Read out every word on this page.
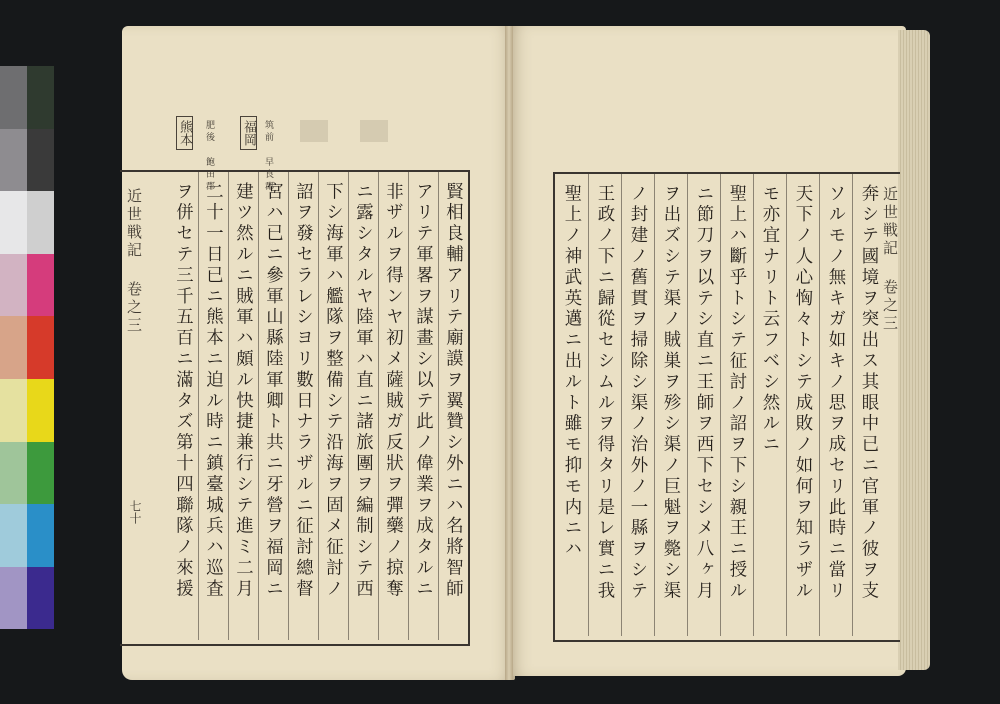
熊本	福岡
肥後 飽田郡	筑前 早良郡
近世戦記 卷之三
七十	賢相良輔アリテ廟謨ヲ翼贊シ外ニハ名將智師
アリテ軍畧ヲ謀畫シ以テ此ノ偉業ヲ成タルニ
非ザルヲ得ンヤ初メ薩賊ガ反狀ヲ彈藥ノ掠奪
ニ露シタルヤ陸軍ハ直ニ諸旅團ヲ編制シテ西
下シ海軍ハ艦隊ヲ整備シテ沿海ヲ固メ征討ノ
詔ヲ發セラレシヨリ數日ナラザルニ征討總督
宮ハ已ニ參軍山縣陸軍卿ト共ニ牙營ヲ福岡ニ
建ツ然ルニ賊軍ハ頗ル快捷兼行シテ進ミ二月
二十一日已ニ熊本ニ迫ル時ニ鎮臺城兵ハ巡査
ヲ併セテ三千五百ニ滿タズ第十四聯隊ノ來援	奔シテ國境ヲ突出ス其眼中已ニ官軍ノ彼ヲ支
ソルモノ無キガ如キノ思ヲ成セリ此時ニ當リ
天下ノ人心恟々トシテ成敗ノ如何ヲ知ラザル
モ亦宜ナリト云フベシ然ルニ
聖上ハ斷乎トシテ征討ノ詔ヲ下シ親王ニ授ル
ニ節刀ヲ以テシ直ニ王師ヲ西下セシメ八ヶ月
ヲ出ズシテ渠ノ賊巣ヲ殄シ渠ノ巨魁ヲ斃シ渠
ノ封建ノ舊貫ヲ掃除シ渠ノ治外ノ一縣ヲシテ
王政ノ下ニ歸從セシムルヲ得タリ是レ實ニ我
聖上ノ神武英邁ニ出ルト雖モ抑モ内ニハ	近世戦記 卷之三
